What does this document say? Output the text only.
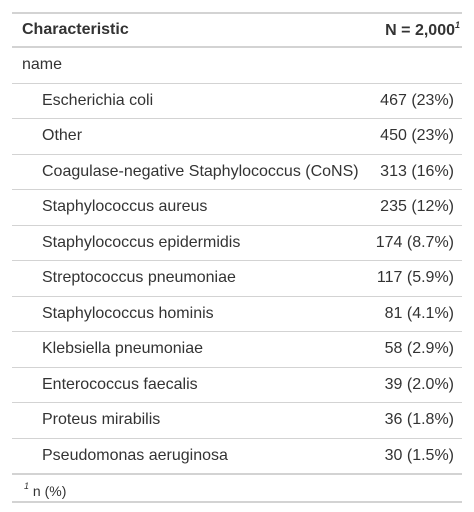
Characteristic	$N = 2,000^1$
name	
Escherichia coli	467 (23%)
Other	450 (23%)
Coagulase-negative Staphylococcus (CoNS)	313 (16%)
Staphylococcus aureus	235 (12%)
Staphylococcus epidermidis	174 (8.7%)
Streptococcus pneumoniae	117 (5.9%)
Staphylococcus hominis	81 (4.1%)
Klebsiella pneumoniae	58 (2.9%)
Enterococcus faecalis	39 (2.0%)
Proteus mirabilis	36 (1.8%)
Pseudomonas aeruginosa	30 (1.5%)
$^1$ n (%)
